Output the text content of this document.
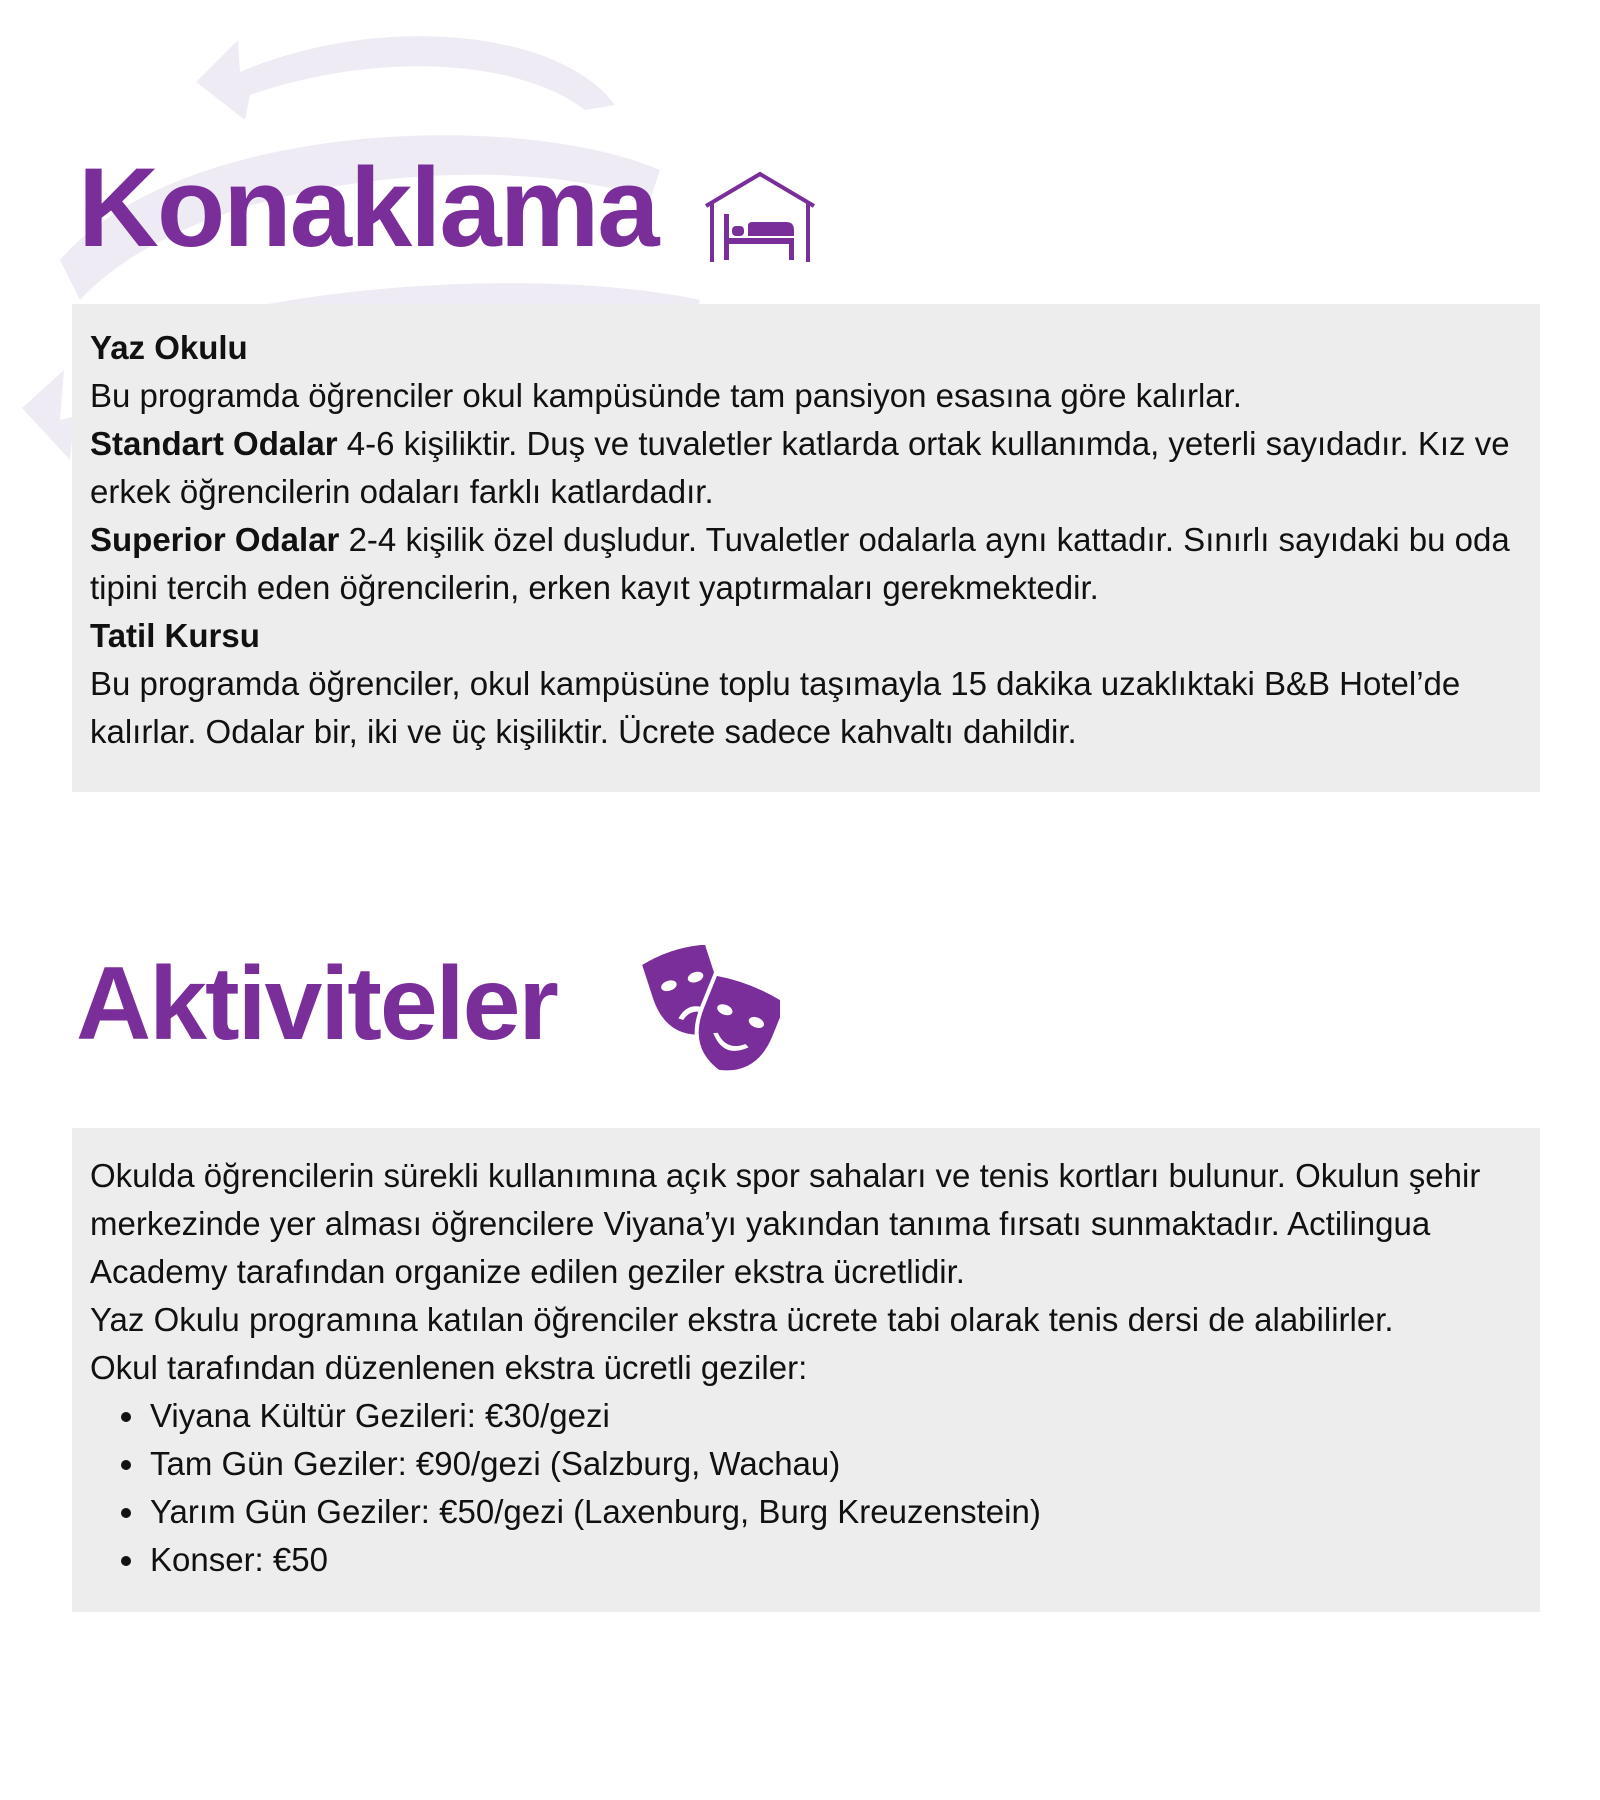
Konaklama

Yaz Okulu

Bu programda öğrenciler okul kampüsünde tam pansiyon esasına göre kalırlar.

Standart Odalar 4-6 kişiliktir. Duş ve tuvaletler katlarda ortak kullanımda, yeterli sayıdadır. Kız ve erkek öğrencilerin odaları farklı katlardadır.

Superior Odalar 2-4 kişilik özel duşludur. Tuvaletler odalarla aynı kattadır. Sınırlı sayıdaki bu oda tipini tercih eden öğrencilerin, erken kayıt yaptırmaları gerekmektedir.

Tatil Kursu

Bu programda öğrenciler, okul kampüsüne toplu taşımayla 15 dakika uzaklıktaki B&B Hotel’de kalırlar. Odalar bir, iki ve üç kişiliktir. Ücrete sadece kahvaltı dahildir.

Aktiviteler

Okulda öğrencilerin sürekli kullanımına açık spor sahaları ve tenis kortları bulunur. Okulun şehir merkezinde yer alması öğrencilere Viyana’yı yakından tanıma fırsatı sunmaktadır. Actilingua Academy tarafından organize edilen geziler ekstra ücretlidir.

Yaz Okulu programına katılan öğrenciler ekstra ücrete tabi olarak tenis dersi de alabilirler.

Okul tarafından düzenlenen ekstra ücretli geziler:

• Viyana Kültür Gezileri: €30/gezi
• Tam Gün Geziler: €90/gezi (Salzburg, Wachau)
• Yarım Gün Geziler: €50/gezi (Laxenburg, Burg Kreuzenstein)
• Konser: €50
